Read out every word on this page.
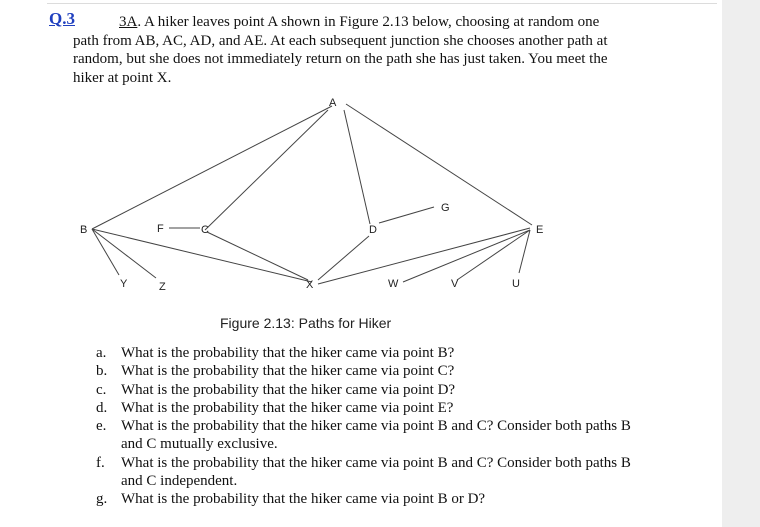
Q.3	3A. A hiker leaves point A shown in Figure 2.13 below, choosing at random one path from AB, AC, AD, and AE. At each subsequent junction she chooses another path at random, but she does not immediately return on the path she has just taken. You meet the hiker at point X.
A
B	F	C	D
G
E
Y	Z	X	W	V	U
Figure 2.13: Paths for Hiker
a. What is the probability that the hiker came via point B?
b. What is the probability that the hiker came via point C?
c. What is the probability that the hiker came via point D?
d. What is the probability that the hiker came via point E?
e. What is the probability that the hiker came via point B and C? Consider both paths B and C mutually exclusive.
f.	What is the probability that the hiker came via point B and C? Consider both paths B and C independent.
g. What is the probability that the hiker came via point B or D?
